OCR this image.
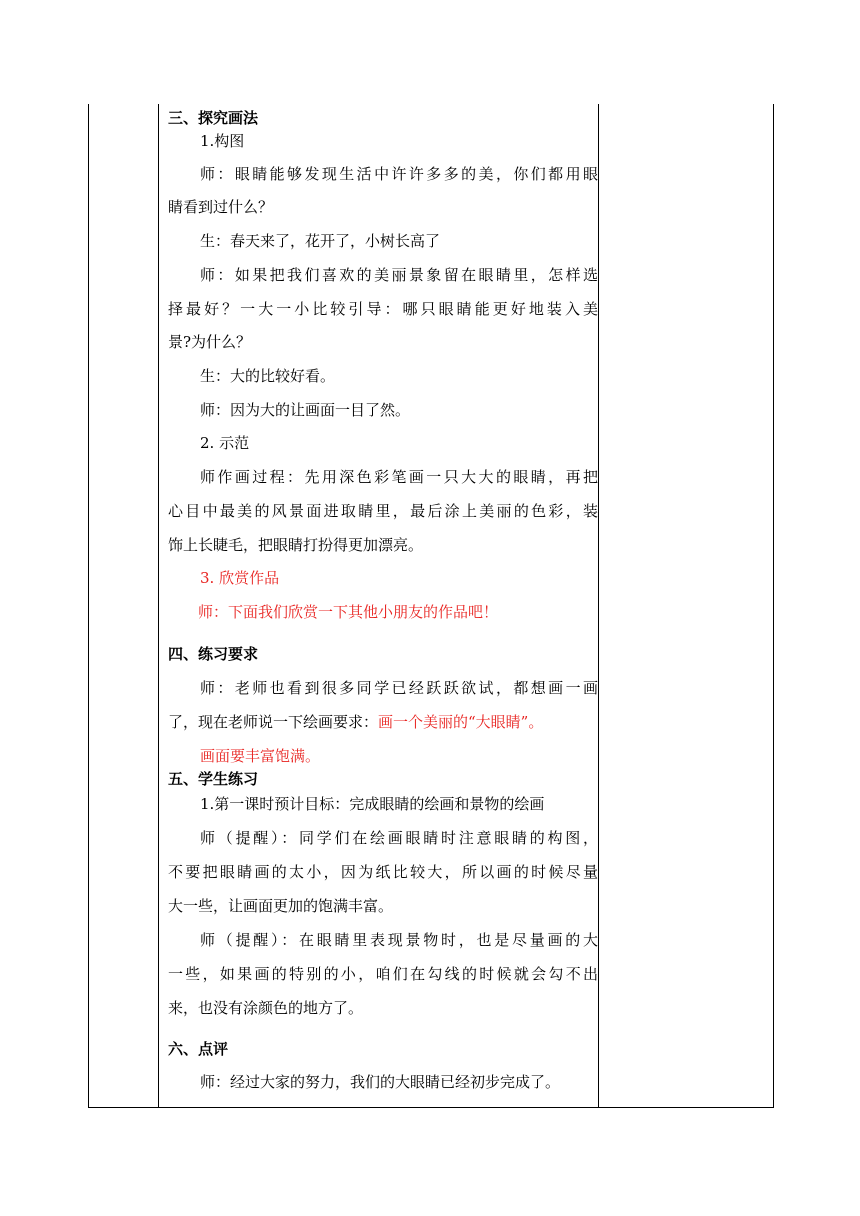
三、探究画法
1.构图
师：眼睛能够发现生活中许许多多的美，你们都用眼
睛看到过什么？
生：春天来了，花开了，小树长高了
师：如果把我们喜欢的美丽景象留在眼睛里，怎样选
择最好？一大一小比较引导：哪只眼睛能更好地装入美
景?为什么？
生：大的比较好看。
师：因为大的让画面一目了然。
2. 示范
师作画过程：先用深色彩笔画一只大大的眼睛，再把
心目中最美的风景面进取睛里，最后涂上美丽的色彩，装
饰上长睫毛，把眼睛打扮得更加漂亮。
3. 欣赏作品
师：下面我们欣赏一下其他小朋友的作品吧！
四、练习要求
师：老师也看到很多同学已经跃跃欲试，都想画一画
了，现在老师说一下绘画要求：画一个美丽的“大眼睛”。
画面要丰富饱满。
五、学生练习
1.第一课时预计目标：完成眼睛的绘画和景物的绘画
师（提醒）：同学们在绘画眼睛时注意眼睛的构图，
不要把眼睛画的太小，因为纸比较大，所以画的时候尽量
大一些，让画面更加的饱满丰富。
师（提醒）：在眼睛里表现景物时，也是尽量画的大
一些，如果画的特别的小，咱们在勾线的时候就会勾不出
来，也没有涂颜色的地方了。
六、点评
师：经过大家的努力，我们的大眼睛已经初步完成了。
